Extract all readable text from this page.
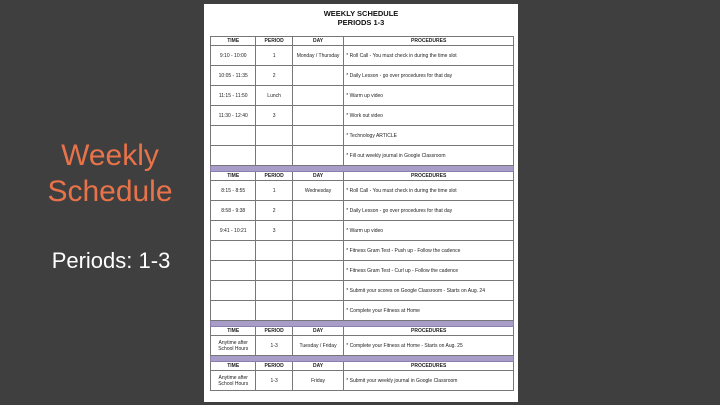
Weekly
Schedule
Periods: 1-3
WEEKLY SCHEDULE
PERIODS 1-3
TIME	PERIOD	DAY	PROCEDURES
9:10 - 10:00	1	Monday / Thursday	* Roll Call - You must check in during the time slot
10:05 - 11:35	2		* Daily Lesson - go over procedures for that day
11:15 - 11:50	Lunch		* Warm up video
11:30 - 12:40	3		* Work out video
			* Technology ARTICLE
			* Fill out weekly journal in Google Classroom

TIME	PERIOD	DAY	PROCEDURES
8:15 - 8:55	1	Wednesday	* Roll Call - You must check in during the time slot
8:58 - 9:38	2		* Daily Lesson - go over procedures for that day
9:41 - 10:21	3		* Warm up video
			* Fitness Gram Test - Push up - Follow the cadence
			* Fitness Gram Test - Curl up - Follow the cadence
			* Submit your scores on Google Classroom - Starts on Aug. 24
			* Complete your Fitness at Home

TIME	PERIOD	DAY	PROCEDURES
Anytime after School Hours	1-3	Tuesday / Friday	* Complete your Fitness at Home - Starts on Aug. 25

TIME	PERIOD	DAY	PROCEDURES
Anytime after School Hours	1-3	Friday	* Submit your weekly journal in Google Classroom
